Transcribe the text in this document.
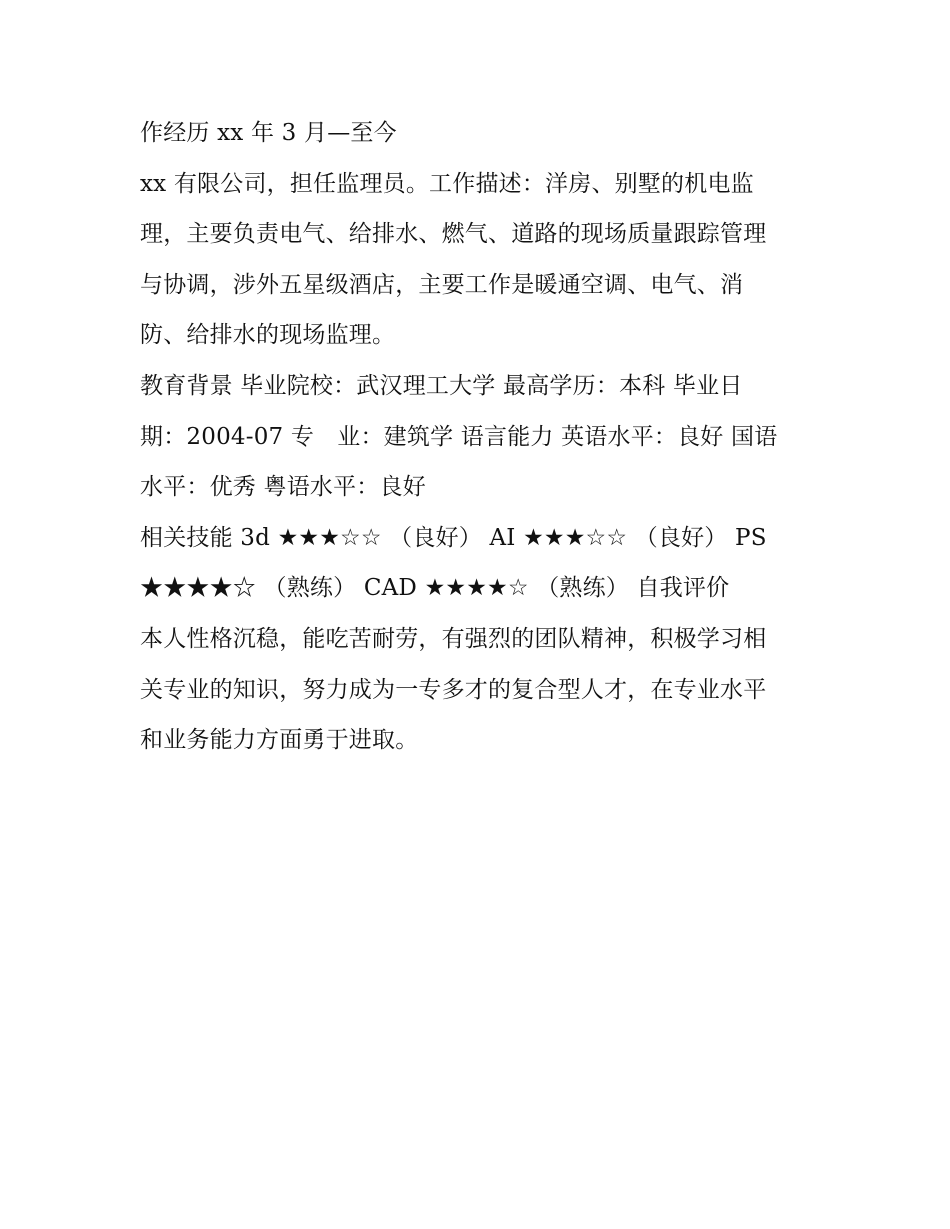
作经历 xx 年 3 月—至今
xx 有限公司，担任监理员。工作描述：洋房、别墅的机电监
理，主要负责电气、给排水、燃气、道路的现场质量跟踪管理
与协调，涉外五星级酒店，主要工作是暖通空调、电气、消
防、给排水的现场监理。
教育背景 毕业院校：武汉理工大学 最高学历：本科 毕业日
期：2004-07 专　业：建筑学 语言能力 英语水平：良好 国语
水平：优秀 粤语水平：良好
相关技能 3d ★★★☆☆ （良好） AI ★★★☆☆ （良好） PS
★★★★☆ （熟练） CAD ★★★★☆ （熟练） 自我评价
本人性格沉稳，能吃苦耐劳，有强烈的团队精神，积极学习相
关专业的知识，努力成为一专多才的复合型人才，在专业水平
和业务能力方面勇于进取。
